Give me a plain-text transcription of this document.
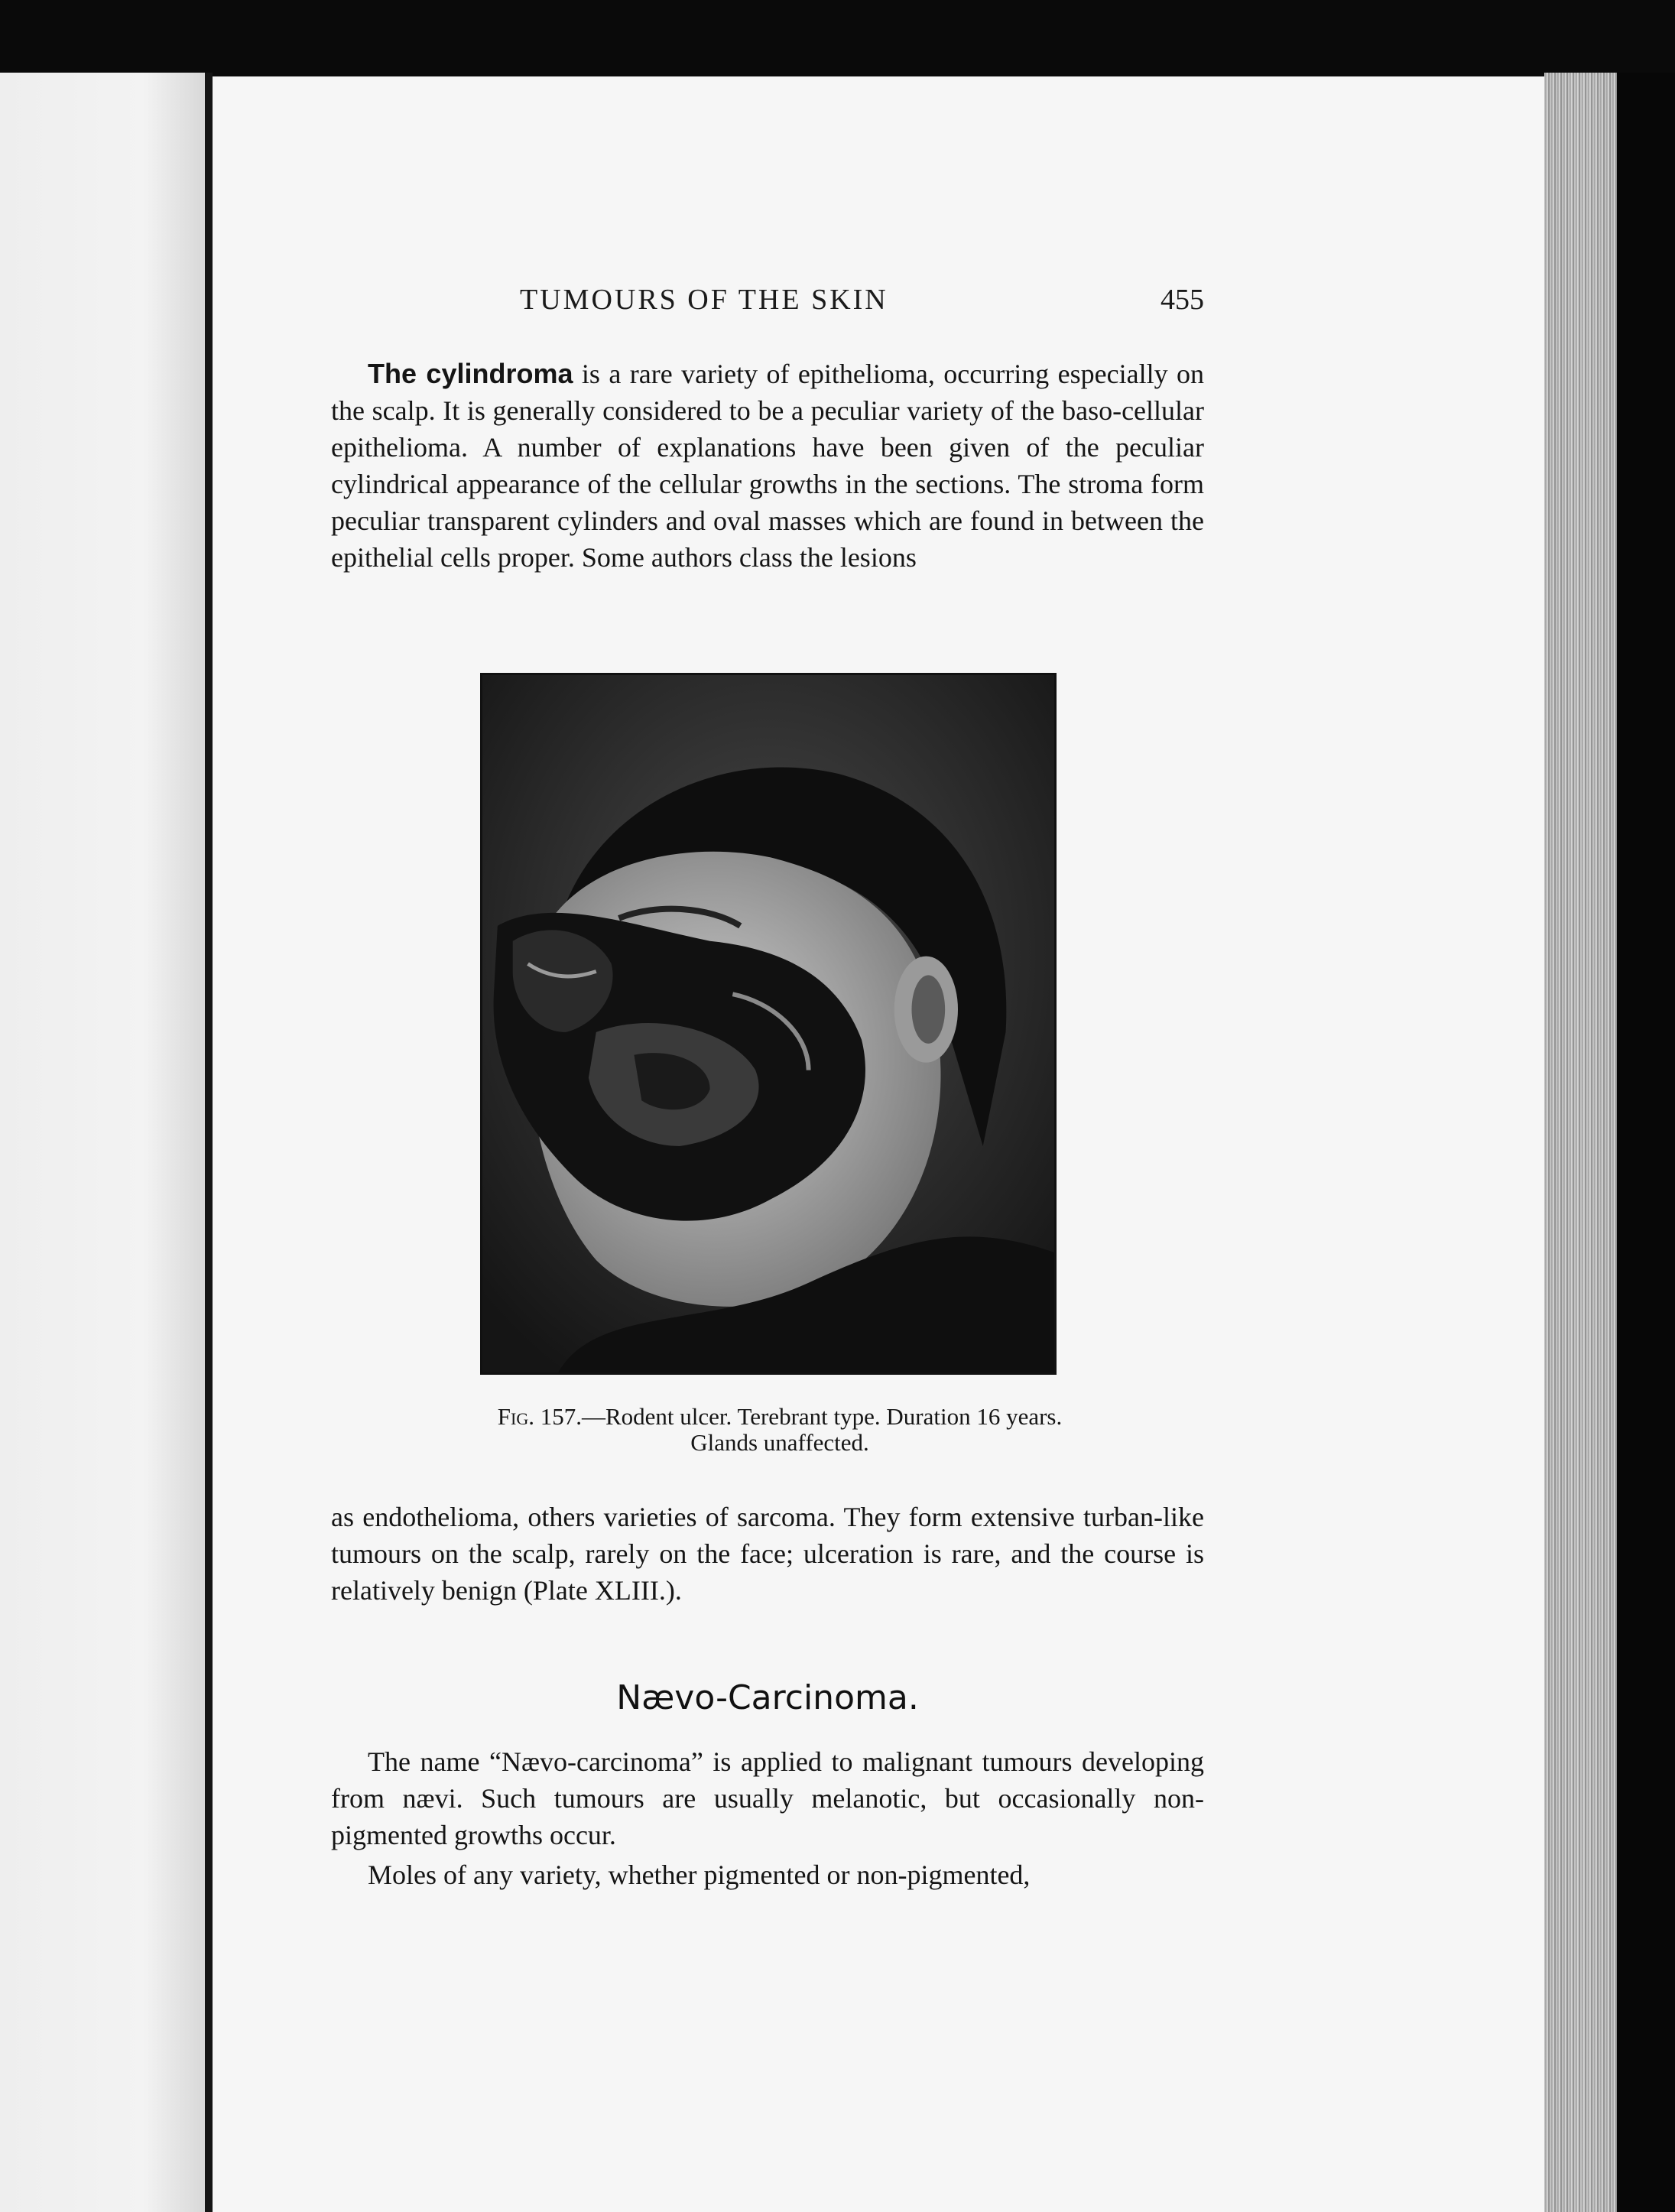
TUMOURS OF THE SKIN	455

The cylindroma is a rare variety of epithelioma, occurring especially on the scalp. It is generally considered to be a peculiar variety of the baso-cellular epithelioma. A number of explanations have been given of the peculiar cylindrical appearance of the cellular growths in the sections. The stroma form peculiar transparent cylinders and oval masses which are found in between the epithelial cells proper. Some authors class the lesions

Fig. 157.—Rodent ulcer. Terebrant type. Duration 16 years.
Glands unaffected.

as endothelioma, others varieties of sarcoma. They form extensive turban-like tumours on the scalp, rarely on the face; ulceration is rare, and the course is relatively benign (Plate XLIII.).

Nævo-Carcinoma.

The name “Nævo-carcinoma” is applied to malignant tumours developing from nævi. Such tumours are usually melanotic, but occasionally non-pigmented growths occur.

Moles of any variety, whether pigmented or non-pigmented,
